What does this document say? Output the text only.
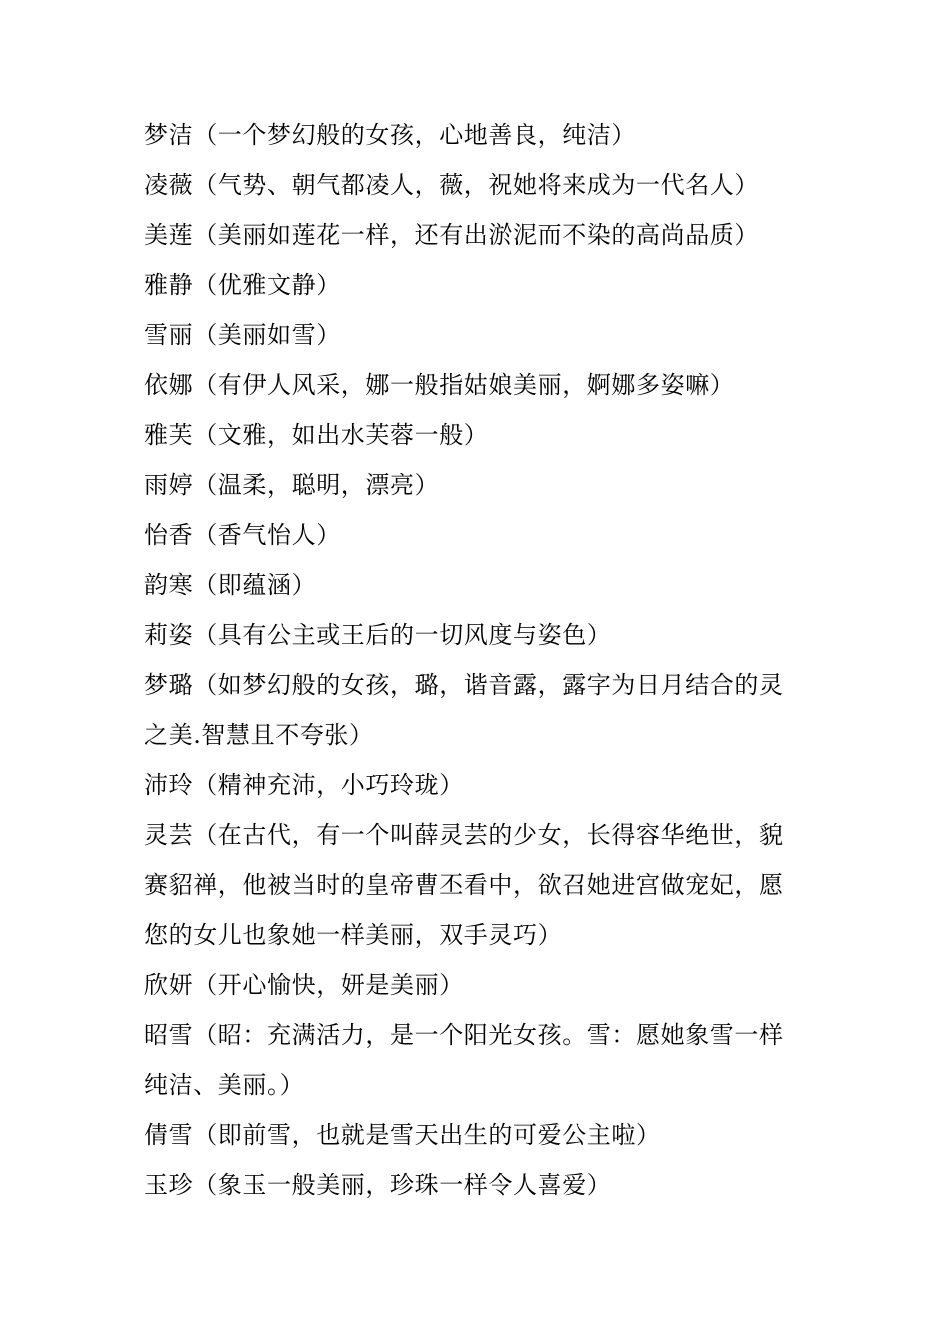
梦洁（一个梦幻般的女孩，心地善良，纯洁）
凌薇（气势、朝气都凌人，薇，祝她将来成为一代名人）
美莲（美丽如莲花一样，还有出淤泥而不染的高尚品质）
雅静（优雅文静）
雪丽（美丽如雪）
依娜（有伊人风采，娜一般指姑娘美丽，婀娜多姿嘛）
雅芙（文雅，如出水芙蓉一般）
雨婷（温柔，聪明，漂亮）
怡香（香气怡人）
韵寒（即蕴涵）
莉姿（具有公主或王后的一切风度与姿色）
梦璐（如梦幻般的女孩，璐，谐音露，露字为日月结合的灵
之美.智慧且不夸张）
沛玲（精神充沛，小巧玲珑）
灵芸（在古代，有一个叫薛灵芸的少女，长得容华绝世，貌
赛貂禅，他被当时的皇帝曹丕看中，欲召她进宫做宠妃，愿
您的女儿也象她一样美丽，双手灵巧）
欣妍（开心愉快，妍是美丽）
昭雪（昭：充满活力，是一个阳光女孩。雪：愿她象雪一样
纯洁、美丽。）
倩雪（即前雪，也就是雪天出生的可爱公主啦）
玉珍（象玉一般美丽，珍珠一样令人喜爱）
